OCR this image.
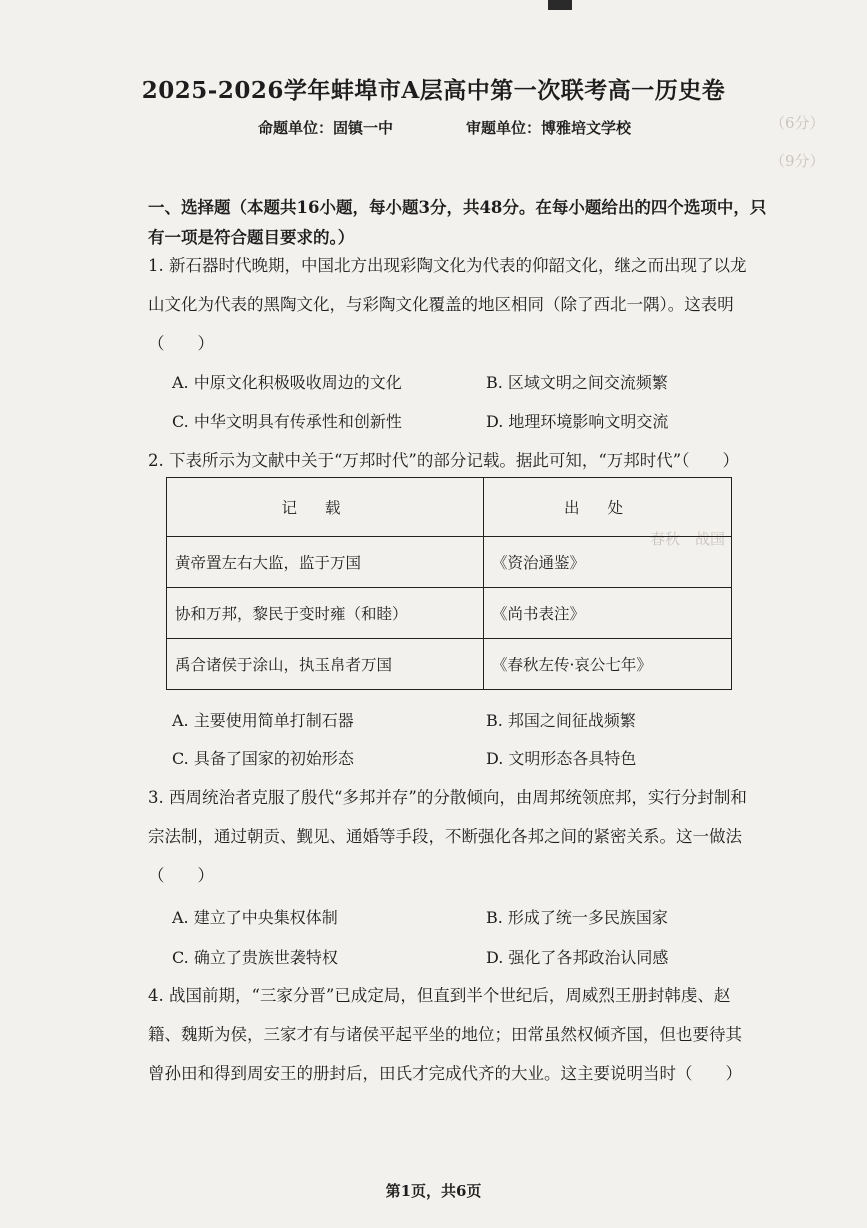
（6分）
（9分）
春秋　战国
2025-2026学年蚌埠市A层高中第一次联考高一历史卷
命题单位：固镇一中	审题单位：博雅培文学校
一、选择题（本题共16小题，每小题3分，共48分。在每小题给出的四个选项中，只有一项是符合题目要求的。）
1. 新石器时代晚期，中国北方出现彩陶文化为代表的仰韶文化，继之而出现了以龙山文化为代表的黑陶文化，与彩陶文化覆盖的地区相同（除了西北一隅）。这表明（　　）
A. 中原文化积极吸收周边的文化	B. 区域文明之间交流频繁
C. 中华文明具有传承性和创新性	D. 地理环境影响文明交流
2. 下表所示为文献中关于“万邦时代”的部分记载。据此可知，“万邦时代”（　　）
记载	出处
黄帝置左右大监，监于万国	《资治通鉴》
协和万邦，黎民于变时雍（和睦）	《尚书表注》
禹合诸侯于涂山，执玉帛者万国	《春秋左传·哀公七年》
A. 主要使用简单打制石器	B. 邦国之间征战频繁
C. 具备了国家的初始形态	D. 文明形态各具特色
3. 西周统治者克服了殷代“多邦并存”的分散倾向，由周邦统领庶邦，实行分封制和宗法制，通过朝贡、觐见、通婚等手段，不断强化各邦之间的紧密关系。这一做法（　　）
A. 建立了中央集权体制	B. 形成了统一多民族国家
C. 确立了贵族世袭特权	D. 强化了各邦政治认同感
4. 战国前期，“三家分晋”已成定局，但直到半个世纪后，周威烈王册封韩虔、赵籍、魏斯为侯，三家才有与诸侯平起平坐的地位；田常虽然权倾齐国，但也要待其曾孙田和得到周安王的册封后，田氏才完成代齐的大业。这主要说明当时（　　）
第1页，共6页
